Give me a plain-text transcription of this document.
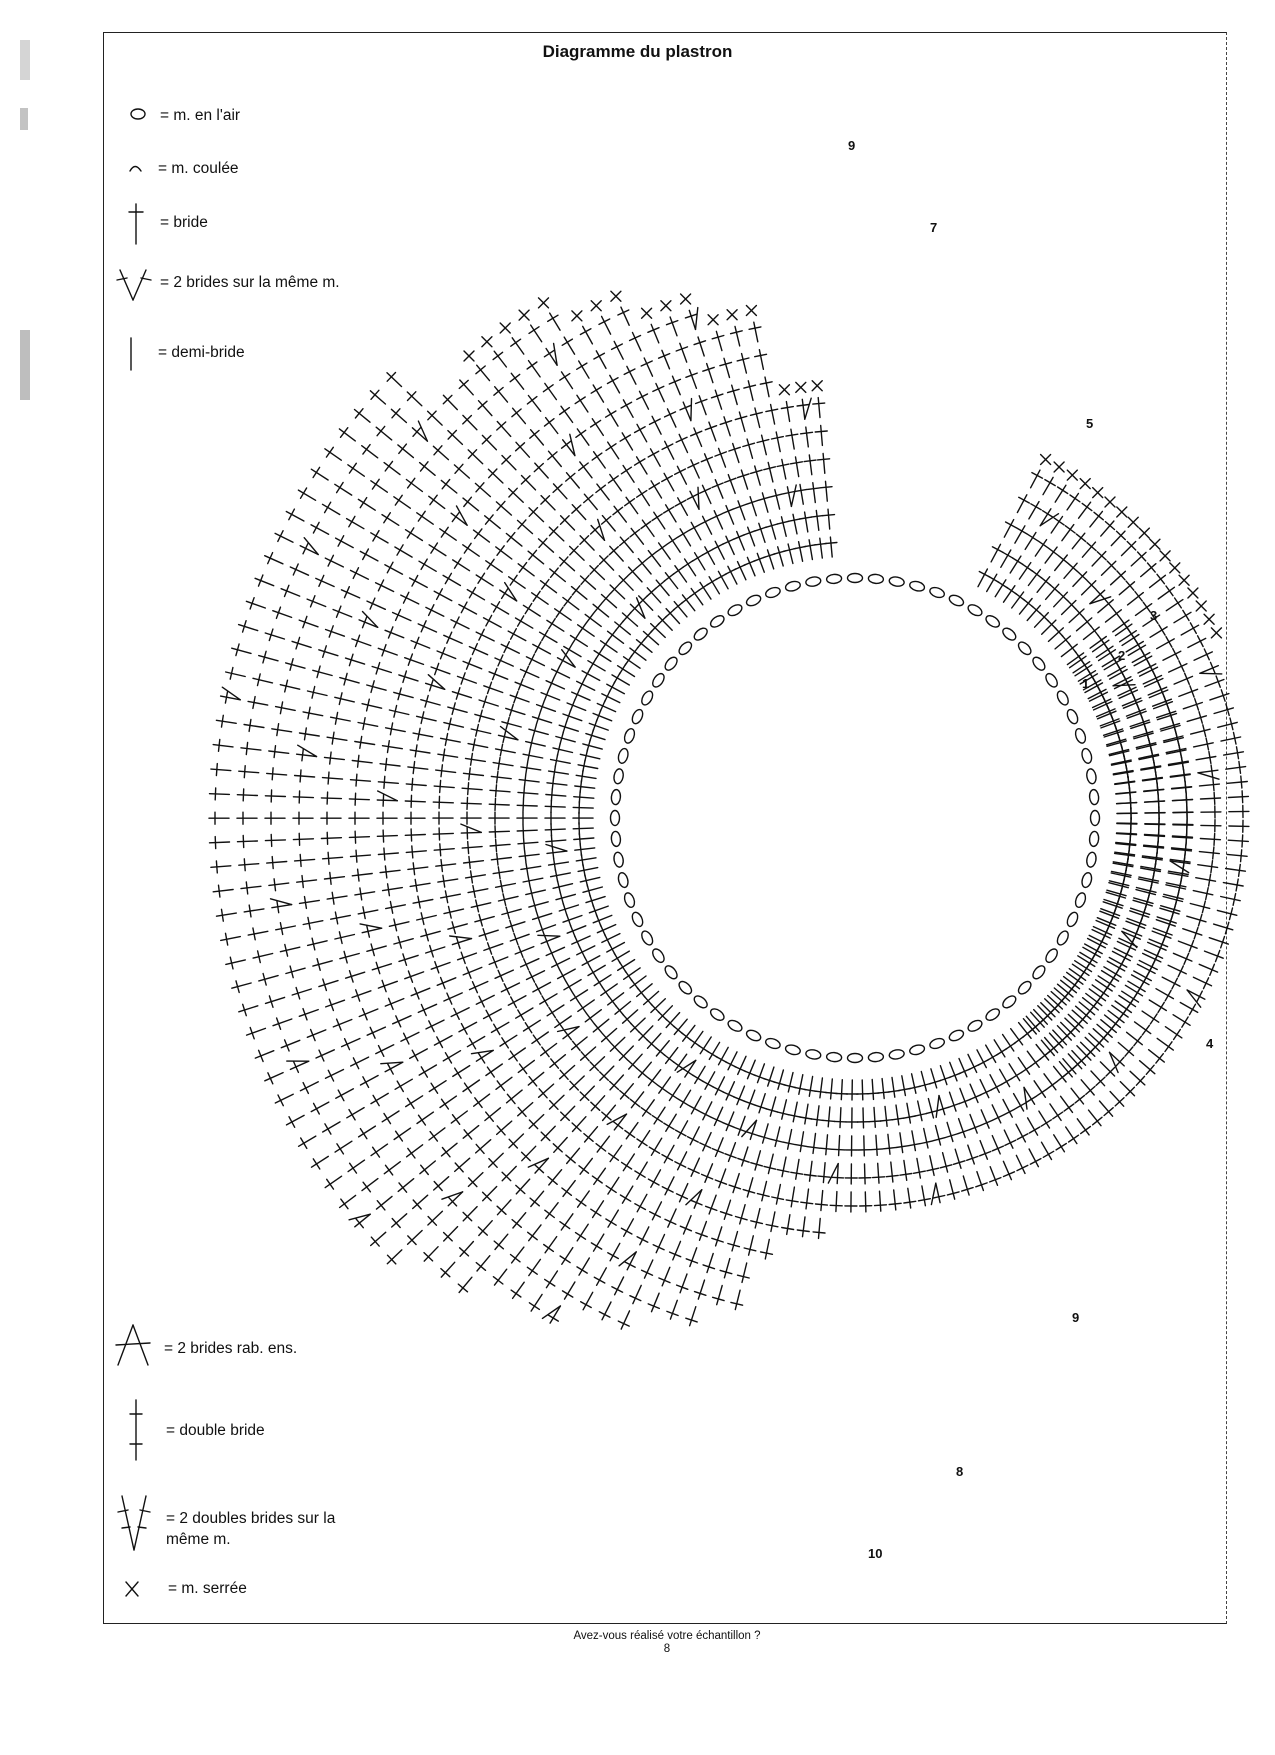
Diagramme du plastron
= m. en l'air
= m. coulée
= bride
= 2 brides sur la même m.
= demi-bride
= 2 brides rab. ens.
= double bride
= 2 doubles brides sur la même m.
= m. serrée
Avez-vous réalisé votre échantillon ?
8
9
7
5
3
2
1
4
9
8
10
